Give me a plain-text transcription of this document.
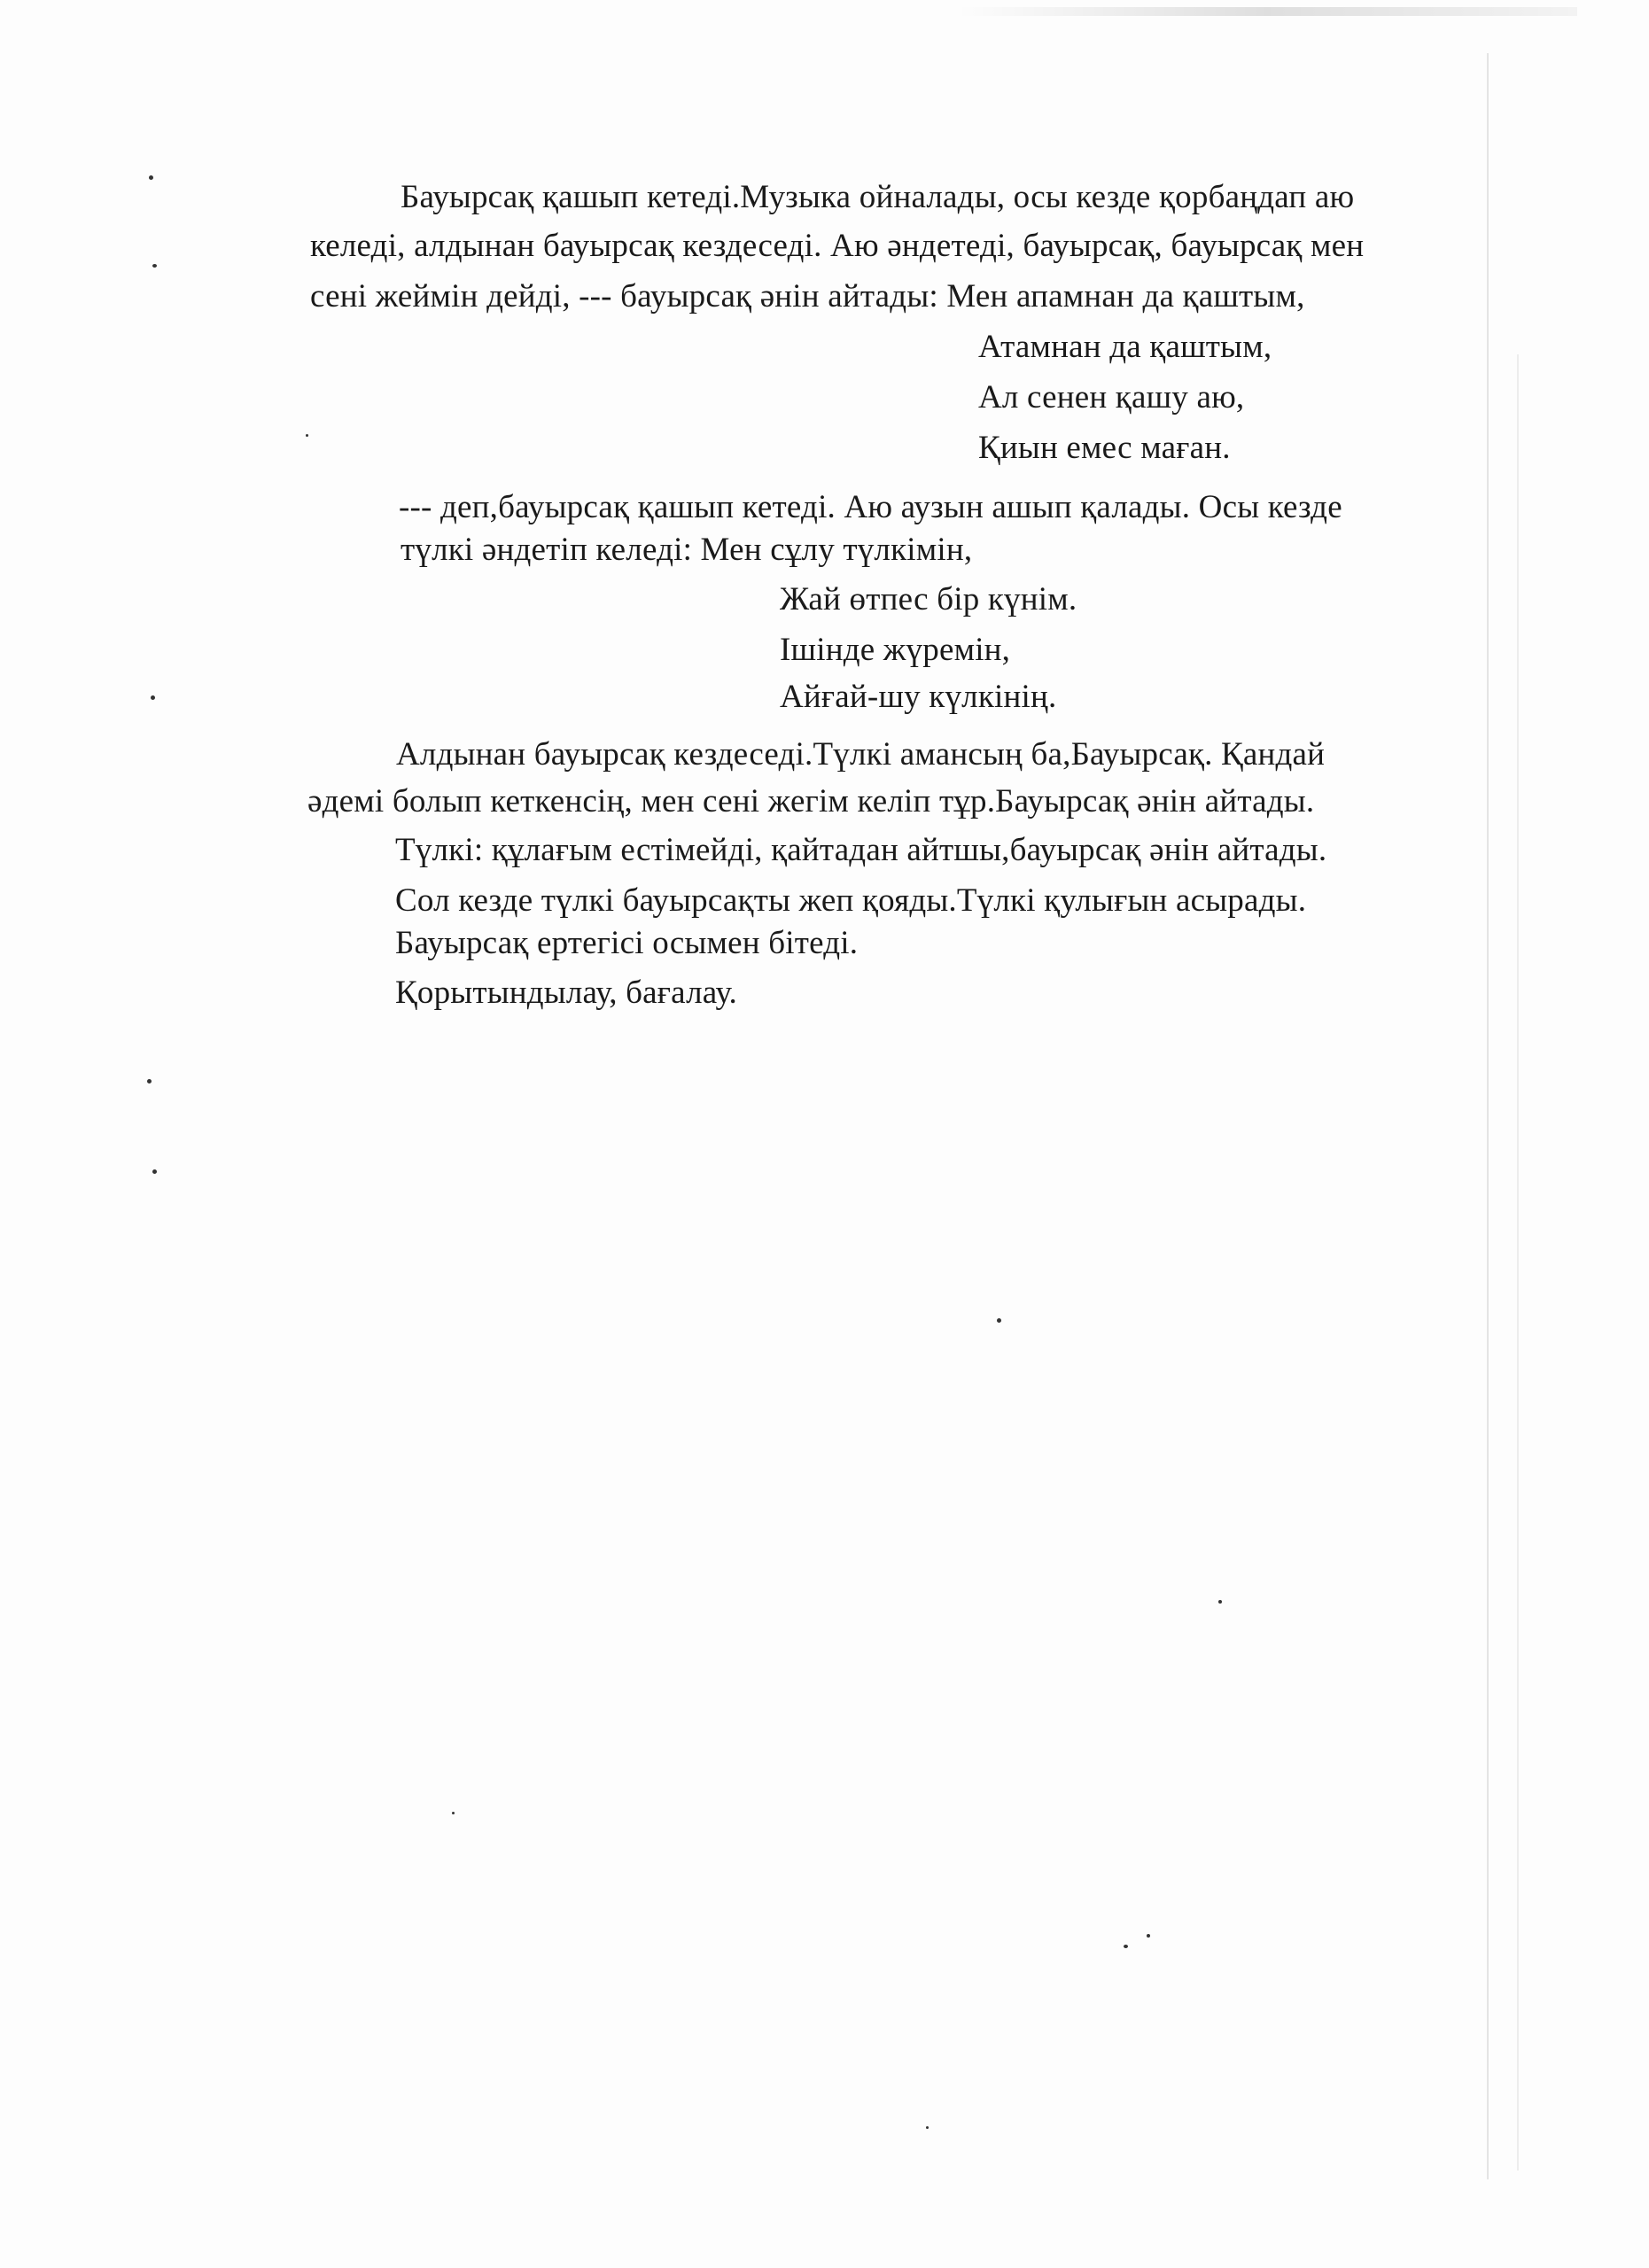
Бауырсақ қашып кетеді.Музыка ойналады, осы кезде қорбаңдап аю
келеді, алдынан бауырсақ кездеседі. Аю әндетеді, бауырсақ, бауырсақ мен
сені жеймін дейді, --- бауырсақ әнін айтады: Мен апамнан да қаштым,
Атамнан да қаштым,
Ал сенен қашу аю,
Қиын емес маған.
--- деп,бауырсақ қашып кетеді. Аю аузын ашып қалады. Осы кезде
түлкі әндетіп келеді: Мен сұлу түлкімін,
Жай өтпес бір күнім.
Ішінде жүремін,
Айғай-шу күлкінің.
Алдынан бауырсақ кездеседі.Түлкі амансың ба,Бауырсақ. Қандай
әдемі болып кеткенсің, мен сені жегім келіп тұр.Бауырсақ әнін айтады.
Түлкі: құлағым естімейді, қайтадан айтшы,бауырсақ әнін айтады.
Сол кезде түлкі бауырсақты жеп қояды.Түлкі қулығын асырады.
Бауырсақ ертегісі осымен бітеді.
Қорытындылау, бағалау.
